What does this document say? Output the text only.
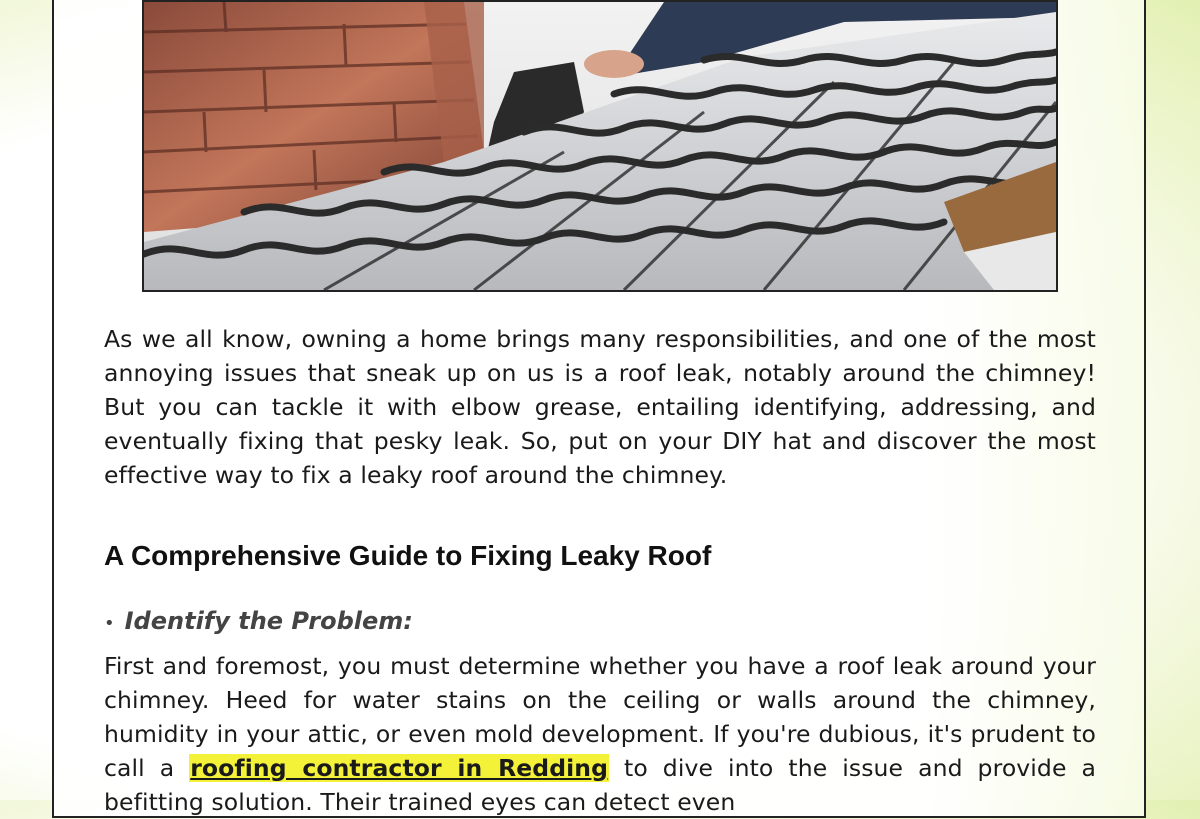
As we all know, owning a home brings many responsibilities, and one of the most annoying issues that sneak up on us is a roof leak, notably around the chimney! But you can tackle it with elbow grease, entailing identifying, addressing, and eventually fixing that pesky leak. So, put on your DIY hat and discover the most effective way to fix a leaky roof around the chimney.

A Comprehensive Guide to Fixing Leaky Roof

• Identify the Problem:

First and foremost, you must determine whether you have a roof leak around your chimney. Heed for water stains on the ceiling or walls around the chimney, humidity in your attic, or even mold development. If you're dubious, it's prudent to call a roofing contractor in Redding to dive into the issue and provide a befitting solution. Their trained eyes can detect even
